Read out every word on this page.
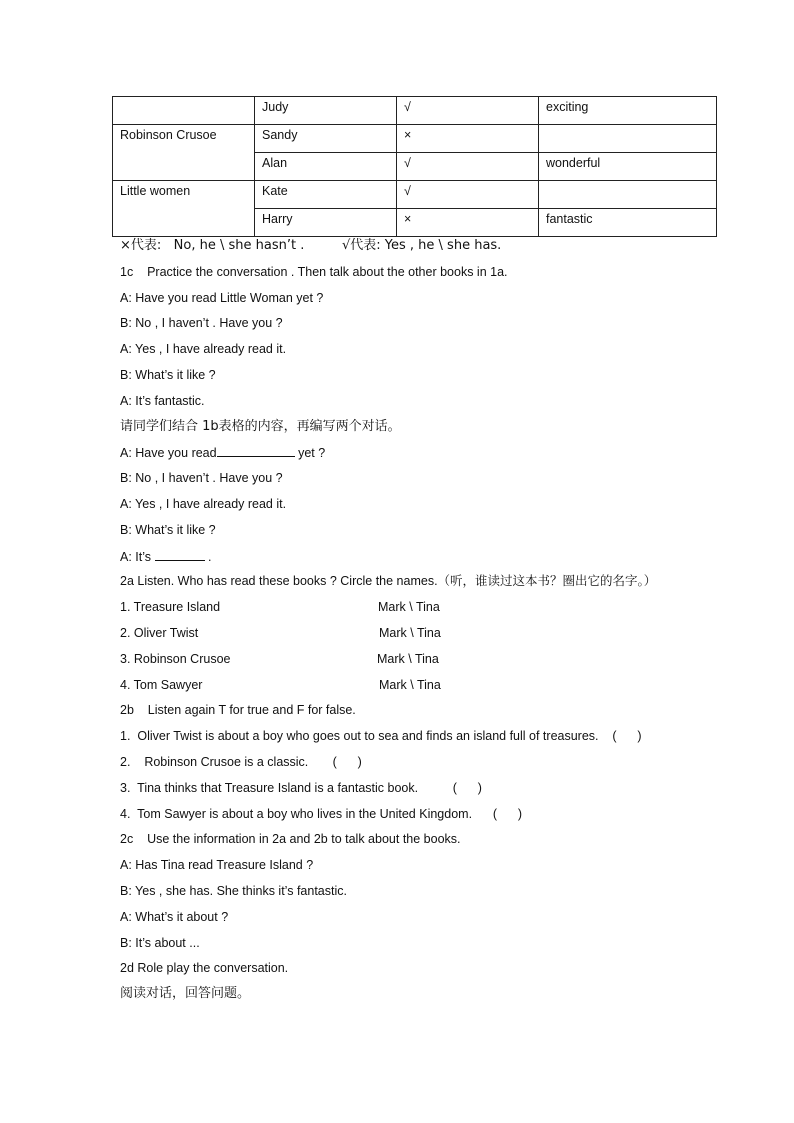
	Judy	√	exciting
Robinson Crusoe	Sandy	×	
	Alan	√	wonderful
Little women	Kate	√	
	Harry	×	fantastic
×代表:   No, he \ she hasn’t .	√代表: Yes , he \ she has.
1c    Practice the conversation . Then talk about the other books in 1a.
A: Have you read Little Woman yet ?
B: No , I haven’t . Have you ?
A: Yes , I have already read it.
B: What’s it like ?
A: It’s fantastic.
请同学们结合 1b表格的内容，再编写两个对话。
A: Have you read	yet ?
B: No , I haven’t . Have you ?
A: Yes , I have already read it.
B: What’s it like ?
A: It’s	.
2a Listen. Who has read these books ? Circle the names.（听，谁读过这本书？圈出它的名字。）
1. Treasure Island	Mark \ Tina
2. Oliver Twist	Mark \ Tina
3. Robinson Crusoe	Mark \ Tina
4. Tom Sawyer	Mark \ Tina
2b    Listen again T for true and F for false.
1.  Oliver Twist is about a boy who goes out to sea and finds an island full of treasures.    (      )
2.    Robinson Crusoe is a classic.       (      )
3.  Tina thinks that Treasure Island is a fantastic book.          (      )
4.  Tom Sawyer is about a boy who lives in the United Kingdom.      (      )
2c    Use the information in 2a and 2b to talk about the books.
A: Has Tina read Treasure Island ?
B: Yes , she has. She thinks it’s fantastic.
A: What’s it about ?
B: It’s about ...
2d Role play the conversation.
阅读对话，回答问题。
